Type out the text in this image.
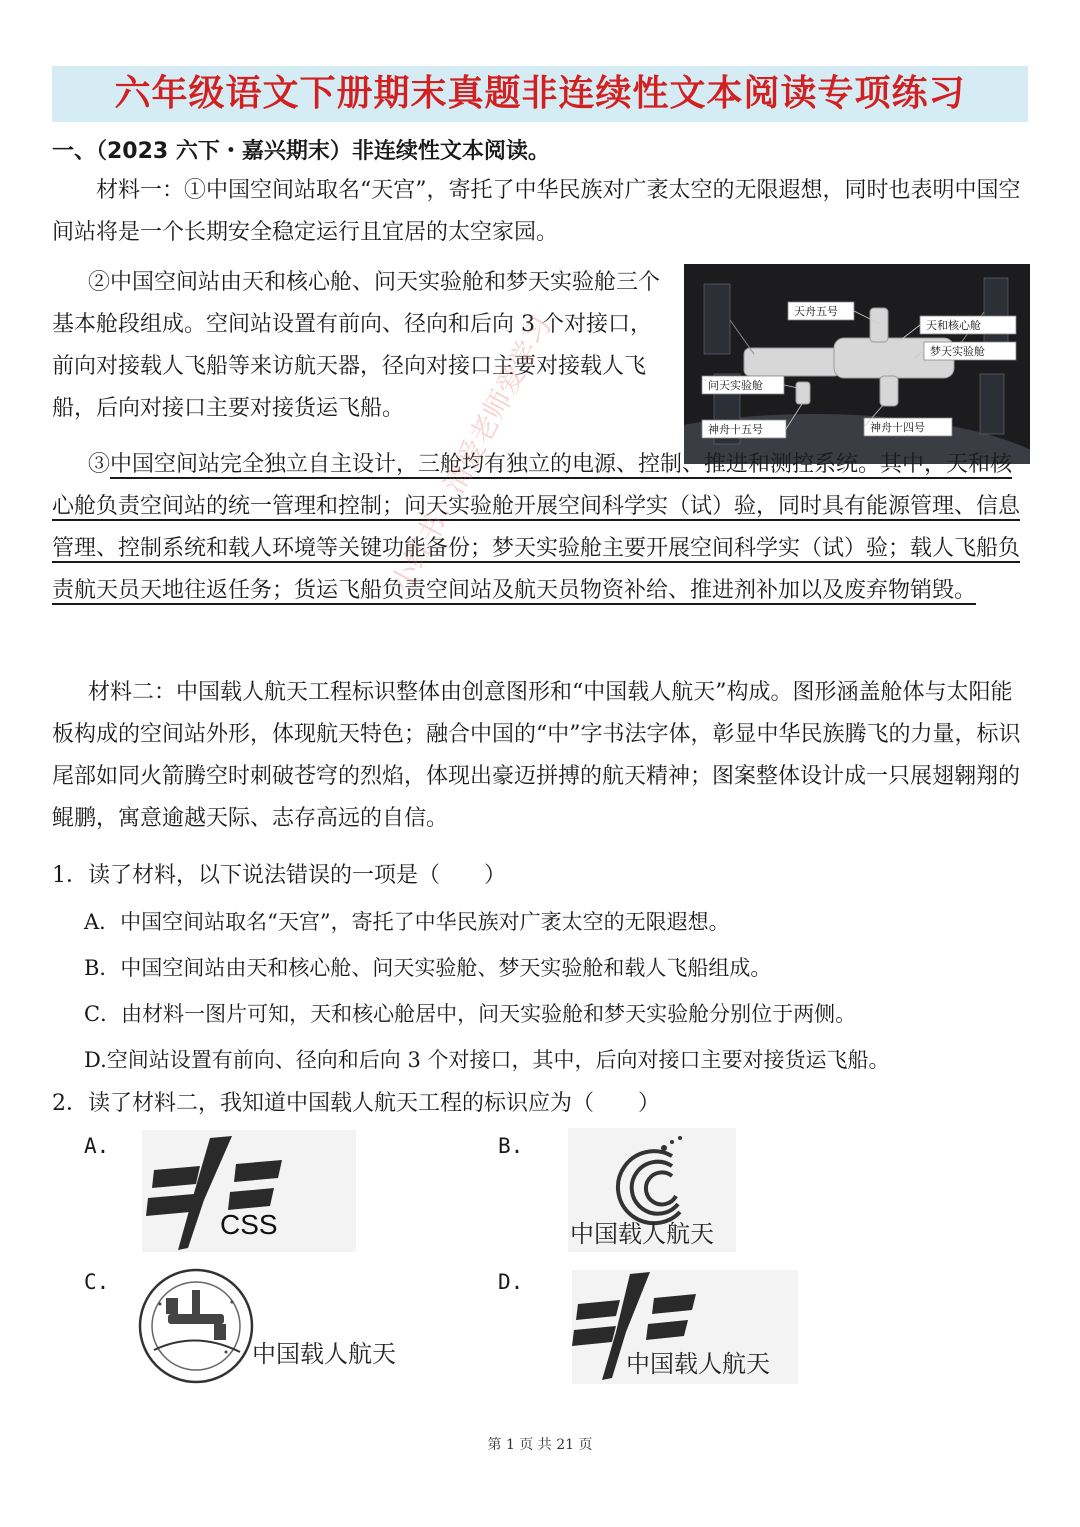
六年级语文下册期末真题非连续性文本阅读专项练习
一、（2023 六下・嘉兴期末）非连续性文本阅读。

材料一：①中国空间站取名“天宫”，寄托了中华民族对广袤太空的无限遐想，同时也表明中国空间站将是一个长期安全稳定运行且宜居的太空家园。

②中国空间站由天和核心舱、问天实验舱和梦天实验舱三个基本舱段组成。空间站设置有前向、径向和后向 3 个对接口，前向对接载人飞船等来访航天器，径向对接口主要对接载人飞船，后向对接口主要对接货运飞船。

天舟五号
天和核心舱
梦天实验舱
问天实验舱
神舟十五号	神舟十四号

③中国空间站完全独立自主设计，三舱均有独立的电源、控制、推进和测控系统。其中，天和核心舱负责空间站的统一管理和控制；问天实验舱开展空间科学实（试）验，同时具有能源管理、信息管理、控制系统和载人环境等关键功能备份；梦天实验舱主要开展空间科学实（试）验；载人飞船负责航天员天地往返任务；货运飞船负责空间站及航天员物资补给、推进剂补加以及废弃物销毁。

材料二：中国载人航天工程标识整体由创意图形和“中国载人航天”构成。图形涵盖舱体与太阳能板构成的空间站外形，体现航天特色；融合中国的“中”字书法字体，彰显中华民族腾飞的力量，标识尾部如同火箭腾空时刺破苍穹的烈焰，体现出豪迈拼搏的航天精神；图案整体设计成一只展翅翱翔的鲲鹏，寓意逾越天际、志存高远的自信。

1．读了材料，以下说法错误的一项是（　　）
A．中国空间站取名“天宫”，寄托了中华民族对广袤太空的无限遐想。
B．中国空间站由天和核心舱、问天实验舱、梦天实验舱和载人飞船组成。
C．由材料一图片可知，天和核心舱居中，问天实验舱和梦天实验舱分别位于两侧。
D.空间站设置有前向、径向和后向 3 个对接口，其中，后向对接口主要对接货运飞船。
2．读了材料二，我知道中国载人航天工程的标识应为（　　）
A.
CSS
B.
中国载人航天
C.
中国载人航天
D.
中国载人航天
小红书：清爱老师爱学习
第 1 页 共 21 页
